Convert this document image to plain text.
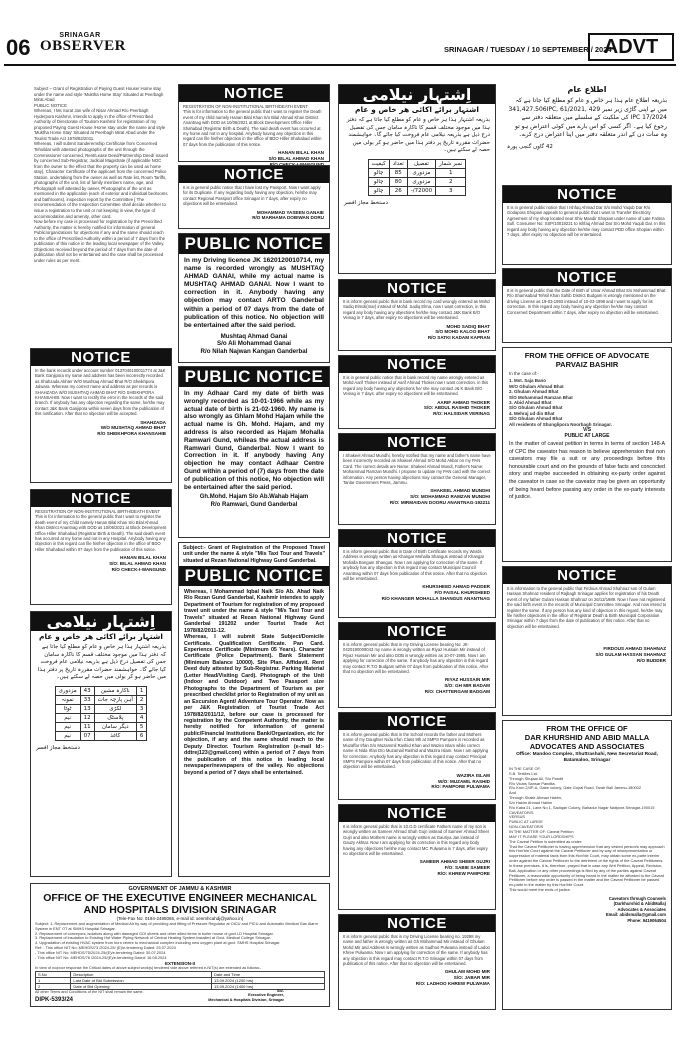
06	SRINAGAR
OBSERVER	SRINAGAR / TUESDAY / 10 SEPTEMBER / 2024
ADVT
Subject – Grant of Registration of Paying Guest House/ Home stay under the name and style 'Muktha Home Stay' Situated at Peerbagh Mirat Abad
PUBLIC NOTICE
Whereas, I Ms Surat Jan wife of Nisar Ahmad R/o Peerbagh Hyderpora Kashmir, intends to apply in the office of Prescribed Authority of Directorate of Tourism Kashmir for registration of my proposed Paying Guest House /Home stay under the name and style 'Muktha Home Stay' Situated at Peerbagh Mirat Abad under the Tourist Trade Act 1978/82/2011.
Whereas, I will submit Sanderemship Certificate from Concerned Tehsildar with attested photographs of the unit through the Commissioner concerned, Rent/Lease Deed/Partnership Deed/ issued by concerned Sub-Registrar, Judicial Magistrate (if applicable NOC from the owner to the effect that the property can be used as home stay), Character Certificate of the applicant from the concerned Police Station, undertaking from the owner as well as Rate list, Room Tariffs, photographs of the unit, list of family members name, age, and Photograph self attested by owner, Photographs of the unit as mentioned in the application (each of exterior and individual bedrooms and bathrooms), inspection report by the Committee [ The recommendation of the Inspection Committee shall decide whether to issue a registration to the unit or not keeping in view, the type of accommodation and amenity, other card.
Now before my case is processed for registration by the Prescribed Authority, the matter is hereby notified for information of general Public/organizations for objections if any and the same should reach to the office of Prescribed Authority within a period of 7 days from the publication of this notice in the leading local newspaper of the Valley. Objections received beyond the period of 7 days from the date of publication shall not be entertained and the case shall be processed under rules as per merit.
NOTICE
In the bank records under account number 0137040100011774 at J&K Bank Ganjipora my name and address has been incorrectly recorded as Shahzada Akhter W/O Mushtaq Ahmad Bhat R/O Sheikhpora Jalwara. Whereas my correct name and address as per records is SHAHZADA W/O MUSHTAQ AHMAD BHAT R/O SHEIKHPORA KHANSAHIB. Now I want to rectify the error in the records of the said branch. If anybody has any objection regarding the same, he/she may contact J&K Bank Ganjipora within seven days from the publication of this notification. After that no objection will be accepted.
SHAHZADA
W/O MUSHTAQ AHMAD BHAT
R/O SHEIKHPORA KHANSAHIB
NOTICE
REGISTRATION OF NON-INSTITUTIONAL BIRTH/DEATH EVENT
This is for information to the general public that I want to register the death event of my Child namely Hanan Bilal Khan S/o Bilal Ahmad Khan District Anantnag with DOD as 10/06/2021 at Block Development Office Hiller Shahabad (Registrar Birth & Death). The said death event has occurred at my home and not in any Hospital. Anybody having any objection in this regard can file his/her objection in the office of BDO Hiller Shahabad within 07 days from the publication of this notice.
HANAN BILAL KHAN
S/O: BILAL AHMAD KHAN
R/O CHECK-I-WANGUND
اِشتہار نیلامی
اشتہار برائے اکائی هر خاص و عام
بذریعہ اشتہار ہذا ہر خاص و عام کو مطلع کیا جاتا ہے کہ دفتر ہذا میں موجود مختلف قسم کا ناکارہ سامان جس کی تفصیل درج ذیل ہے بذریعہ نیلامی عام فروخت کیا جائے گا۔ خواہشمند حضرات مقررہ تاریخ پر دفتر ہذا میں حاضر ہو کر بولی میں حصہ لے سکتے ہیں۔
1	ناکارہ مشین	43	مزدوری
2	آہن پارچہ جات	33	نمونہ
3	لکڑی	13	ٹوٹا
4	پلاسٹک	12	نیم
5	دیگر سامان	11	نیم
6	کاغذ	07	نیم
دستخط مجاز افسر
GOVERNMENT OF JAMMU & KASHMIR
OFFICE OF THE EXECUTIVE ENGINEER MECHANICAL AND HOSPITALS DIVISION SRINAGAR
(Tele-Fax No: 0194-2495065, e-mail id: xenmhcahdj@yahoo.in)
Subject: 1. Replacement and augmentation of Medical Air by way of providing and fitting of Pressure Regulator at OICU and PICU and Automatic Medical Gas Alarm System in ENT OT at SMHS Hospital Srinagar.
2. Replacement of conveyors, isolators along with damaged GOI sheets and other allied items in boiler house of govt LD Hospital Srinagar.
3. Replacement of insulation to Existing Hot Water Piping Network of Central Heating System installed at Govt. Medical College Srinagar.
4. Upgradation of existing HVAC system from burn centre to mechanical complex including new oxygen plant at govt. SMHS Hospital Srinagar.
Ref: - This office NIT No: MEHDS/73 /2024-25/ (E)/e-tendering Dated: 25.07.2024
- This office NIT No: MEHDS/75/2024-25/(E)/e-tendering Dated: 30.07.2024
- This office NIT No: MEHDS/76 /2024-25/(E)/e-tendering Dated: 16.08.2024
EXTENSION-II
In view of no/poor response the Critical dates of above subject work(s) tendered vide above referred e-NIT(s) are extended as follows:-
S.No	Description	Date and Time
1	Last Date of Bid Submission	13.09.2024 (1200 hrs)
2	Date of Bid Opening	13.09.2024 (1400 hrs)
All other Terms and Conditions of the NIT shall remain the same.
DIPK-5393/24
Sd/-
Executive Engineer,
Mechanical & Hospitals Division, Srinagar
NOTICE
REGISTRATION OF NON-INSTITUTIONAL BIRTH/DEATH EVENT
This is for information to the general public that I want to register the Death event of my child namely Hanan Bilal Khan S/o Bilal Ahmad Khan District Anantnag with DOD as 10/06/2021 at Block Development Office Hiller Shahabad (Registrar Birth & Death). The said death event has occurred at my home and not in any hospital. Anybody having any objection in this regard can file his/her objection in the office of BDO Hiller Shahabad within 07 days from the publication of this notice.
HANAN BILAL KHAN
S/O BILAL AHMAD KHAN

NOTICE
It is in general public notice that I have lost my Passport. Now I want apply for its Duplicate. If any regarding body having any objection, he/she may contact Regional Passport office Srinagar in 7 days, after expiry no objections will be entertained.
MOHAMMAD YASEEN GANAIE
R/O MARHAMA DOBIWAN DORU
PUBLIC NOTICE
In my Driving licence JK 1620120010714, my name is recorded wrongly as MUSHTAQ AHMAD GANAI, while my actual name is MUSHTAQ AHMAD GANAI. Now I want to correction in it. Anybody having any objection may contact ARTO Ganderbal within a period of 07 days from the date of publication of this notice. No objection will be entertained after the said period.
Mushtaq Ahmad Ganai
S/o Ali Mohammad Ganai
R/o Nilah Najwan Kangan Ganderbal
PUBLIC NOTICE
In my Adhaar Card my date of birth was wrongly recorded as 10-01-1966 while as my actual date of birth is 21-02-1960. My name is also wrongly as Ghlam Mohd Hajam while the actual name is Gh. Mohd. Hajam, and my address is also recorded as Hajam Mohalla Ramwari Gund, whileas the actual address is Ramwari Gund, Ganderbal. Now I want to Correction in it. If anybody having Any objection he may contact Adhaar Centre Gund within a period of (7) days from the date of publication of this notice, No objection will be entertained after the said period.
Gh.Mohd. Hajam S/o Ab.Wahab Hajam
R/o Ramwari, Gund Ganderbal
Subject:- Grant of Registration of the Proposed Travel unit under the name & style "Mis Taxi Tour and Travels" situated at Rezan National Highway Gund Ganderbal.
PUBLIC NOTICE
Whereas, I Mohammad Iqbal Naik S/o Ab. Ahad Naik R/o Rezan Gund Ganderbal, Kashmir intendes to apply Department of Tourism for registration of my proposed travel unit under the name & style "M/s Taxi Tour and Travels" situated at Rezan National Highway Gund Ganderbal 191202 under Tourist Trade Act 1978/82/2011-12.
Whereas, I will submit State Subject/Domicile Certificate. Qualification Certificate. Pan Card. Experience Certificate (Minimum 05 Years). Character Certificate (Police Department). Bank Statement (Minimum Balance 10000). Site Plan. Affidavit. Rent Deed duly attested by Sub-Registrar. Parking Material (Letter Head/Visiting Card). Photograph of the Unit (Indoor and Outdoor) and Two Passport size Photographs to the Department of Tourism as per prescribed checklist prior to Registration of my unit as an Excursion Agent/ Adventure Tour Operator. Now as per J&K Registration of Tourist Trade Act 1978/82/2011/12, before our case is processed for registration by the Competent Authority, the matter is hereby notified for information of general public/Financial Institutions Bank/Organization, etc for objection, if any and the same should reach to the Deputy Director. Tourism Registration (e-mail Id:- ddtrej123@gmail.com) within a period of 7 days from the publication of this notice in leading local newspaper/newspapers of the valley. No objections beyond a period of 7 days shall be entertained.
اِشتہار نیلامی
اشتہار برائے اکائی هر خاص و عام
بذریعہ اشتہار ہذا ہر خاص و عام کو مطلع کیا جاتا ہے کہ دفتر ہذا میں موجود مختلف قسم کا ناکارہ سامان جس کی تفصیل درج ذیل ہے بذریعہ نیلامی عام فروخت کیا جائے گا۔ خواہشمند حضرات مقررہ تاریخ پر دفتر ہذا میں حاضر ہو کر بولی میں حصہ لے سکتے ہیں۔
نمبر شمار	تفصیل	تعداد	کیفیت
1	مزدوری	85	چالو
2	مزدوری	80	چالو
3	72000/-	26	چالو
دستخط مجاز افسر
NOTICE
It is inform general public that in bank record my card wrongly entered as Mohd Sadiq Elmoli(mar) instead of Mohd. Sadiq Elma, now I want correction, in this regard any body having any objections he/she may contact J&K Bank B/O Veinag in 7 days, after expiry no objections will be entertained.
MOHD SADIQ BHAT
S/O MOHD KALOO BHAT
R/O SATKI KADAM KAPRAN
NOTICE
It is in general public notice that in bank record my name wrongly entered as Mohd Aarif Thoker instead of Aarif Ahmad Thoker.now I want correction. in this regard any body having any objections he/ she may contact J& K Bank B/O Veinag in 7 days. after expiry no objections will be entertained.
AARIF AHMAD THOKER
S/O: ABDUL RASHID THOKER
R/O: HALSIDAR VERINAG
NOTICE
I Shakeel Ahmad Mundhi, hereby notified that my name and father's name have been incorrectly recorded as Shakeel Ahmad S/O Mohd Akbar on my PAN Card. The correct details are Name: Shakeel Ahmad Mundi, Father's Name: Mohammad Ramzan Mundhi. I propose to update my PAN card with the correct information. Any person having objections may contact the General Manager, Tanlar Government Press, Jammu.
SHAKEEL AHMAD MUNDHI
S/O: MOHAMMAD RAMZAN MUNDHI
R/O: MIRMAIDAN DOORU ANANTNAG-192211
NOTICE
It is inform general public that in Date of Birth Certificate records my Wards Address is wrongly written as Khangar Mohalla Shangus instead of Khangar Mohalla Bongam Shangus. Now I am applying for correction of the same. If anybody has any objection in this regard may contact Municipal Council Anantnag within 07 days from publication of this notice. After that no objection will be entertained.
KHURSHEED AHMAD PADDER
F/O FAISAL KHURSHEED
R/O KHANGER MOHALLA SHANGUS ANANTNAG
NOTICE
It is inform general public that in my Driving License bearing No: JK-0420190009043 my name is wrongly written as Riyaz Hussain Mir instead of Riyaz Hussain Mir and also DOB is wrongly written as 10-07-1985. Now I am applying for correction of the same. If anybody has any objection in this regard may contact R.T.O Budgam within 07 days from publication of this notice. After that no objection will be entertained.
RIYAZ HUSSAIN MIR
S/O: GH MIR BADAM
R/O: CHATTERGAM BADGAM
NOTICE
It is inform general public that in the School records the father and Mothers name of my Daughter Nida Irfan Class 9th at SMPS Pampore is recorded as Muzaffar Irfan S/o Muzammil Rashid Khan and Wazira Islam while correct name is Nida Irfan D/o Muzamail Rashid and Wazira Islam. Now I am applying for correction. Anybody has any objection in this regard may contact Principal SMPS Pampore within 07 days from publication of this notice. After that no objection will be entertained.
WAZIRA ISLAM
W/O: MUZAMIL RASHID
R/O: PAMPORE PULWAMA
NOTICE
It is inform general public that in 10.O.D certificate Fathers name of my son is wrongly written as Sameer Ahmad Shah Gujri instead of Sameer Ahmad Sheer Gujri and also Mothers name is wrongly written as Gauriya Jan instead of Gauzy Akhtar. Now I am applying for its correction in this regard any body having any objections he/she may contact MC Pulwama in 7 days, after expiry no objections will be entertained.
SAMEER AHMAD SHEER GUJRI
F/O: SABIE SAMEER
R/O: KHREW PAMPORE
NOTICE
It is inform general public that in my Driving License bearing no. 19298 my name and father is wrongly written as Gh Mohammad Mir instead of Ghulam Mohd Mir and Address is wrongly written as Sadhoo Pulwama instead of Ladoo Khree Pulwama. Now I am applying for correction of the same. If anybody has any objection in this regard may contact R.T.O Srinagar within 07 days from publication of this notice. After that no objection will be entertained.
GHULAM MOHD MIR
S/O: JABAR MIR
R/O: LADHOO KHREW PULWAMA
اطلاع عام
بذریعہ اطلاع عام ہذا ہر خاص و عام کو مطلع کیا جاتا ہے کہ میں نے اپنی گاڑی زیر نمبر 341,427.506IPC, 61/2021, 429 IPC 17/2024 کی ملکیت کے سلسلے میں متعلقہ دفتر سے رجوع کیا ہے۔ اگر کسی کو اس بارے میں کوئی اعتراض ہو تو وہ سات دن کے اندر متعلقہ دفتر میں اپنا اعتراض درج کرے۔
42 گاوں گنجی پورہ
NOTICE
It is in general public notice that I Ishfaq Ahmad Dar S/o Mohd Yaqub Dar R/o Godapora Shopian appeals to general public that I want to Transfer Electricity Agreement of my shop located near Shiv Mandir Shopian under name of Late Fatima Sufi. Consumer No: SSP/10019221 to Ishfaq Ahmad Dar S/o Mohd Yaqub Dar. In this regard any body having any objection he/she may contact PDD office Shopian within 7 days, after expiry no objection will be entertained.
NOTICE
It is in general public that the Date of Birth of Umar Ahmad Bhat S/o Mohammad Bhat R/o Shamsabad Tehsil Khan Sahib District Budgam is wrongly mentioned on the driving License as 19-03-1993 instead of 10-03-1998 and I want to apply for its correction. In this regard any body having any objection he/she may contact Concerned Department within 7 days, after expiry no objection will be entertained.
FROM THE OFFICE OF ADVOCATE
PARVAIZ BASHIR
In the case of:-
1. Mst. Saja Bano
W/O Ghulam Ahmad Bhat
2. Ghulam Ahmad Bhat
S/O Mohammad Ramzan Bhat
3. Abid Ahmad Bhat
S/O Ghulam Ahmad Bhat
4. Mehraj ud din Bhat
S/O Ghulam Ahmad Bhat
All residents of Shunglipora Noorbagh Srinagar.
V/S
PUBLIC AT LARGE
In the matter of caveat petition in terms in terms of section 148-A of CPC the caveator has reason to believe apprehension that non caveators may file a suit or any proceedings before this honourable court and on the grounds of false facts and concocted story and maybe succeeded in obtaining ex-party order against the caveator in case so the caveator may be given an opportunity of being heard before passing any order in the ex-party interests of justice.
NOTICE
It is information to the general public that Firdous Ahmad Shahnaz son of Gulam Hassan Shahnaz resident of Rajbagh Srinagar applies for registration of his Death event of my father Gulam Hassan Shahnaz on 26/12/1989. Now I have not registered the said birth event in the records of Municipal Committee Srinagar. And now intend to register the same. If any person has any kind of objection in this regard, he/she may file his/her objections in the office of Registrar Death & Birth Municipal Corporation Srinagar within 7 days from the date of publication of this notice. After that no objection will be entertained.
FIRDOUS AHMAD SHAHNAZ
S/O GULAM HASSAN SHAHNAZ
R/O BUDDER
FROM THE OFFICE OF
DAR KHURSHID AND ABID MALLA
ADVOCATES AND ASSOCIATES
Office: Mandoo Complex, Shuttrashahi, New Secretariat Road, Batamaloo, Srinagar
IN THE CASE OF:
S.B. Textiles Ltd.
Through Shujaat Ali, S/o Pandit
R/o Vicars Sansar Pandita.
R/o Kron 2/4P-A, Gabe colony, Gate Gujral Road, Tarab Ball Jammu-180002
And
Through Shakir Ahmad Hakim,
S/o Hakim Ahmad Hakim
R/o Kaba 21, Lane No 1, Sadiqan Colony, Bahadur Nagar Natipora Srinagar-190015
CAVEATOR/S
VERSUS
PUBLIC AT LARGE
NON-CAVEATOR/S
IN THE MATTER OF: Caveat Petition
MAY IT PLEASE YOUR LORDSHIPS
The Caveat Petition is submitted as under:
That the Caveat Petitioner is having apprehension that any vested person/s may approach this Hon'ble Court against the Caveat Petitioner and by way of misrepresentation or suppression of material facts from this Hon'ble Court, may obtain some ex-parte interim order against the Caveat Petitioner to the detriment of the rights of the Caveat Petitioners.
In these premises, it is, therefore, prayed that in case any Writ Petition, Appeal, Revision, Bail, Application or any other proceedings is filed by any of the parties against Caveat Petitioner, a reasonable opportunity of being heard in the matter be afforded to the Caveat Petitioner before any order is passed in the matter and the Caveat Petitioner be passed ex-parte in the matter by this Hon'ble Court.
This would meet the ends of justice.
Caveators through Counsels
(Darkhurshid & AbidMalla)
Advocates & Associates
Email: abidsmalla@gmail.com
Phone: 9419064504
